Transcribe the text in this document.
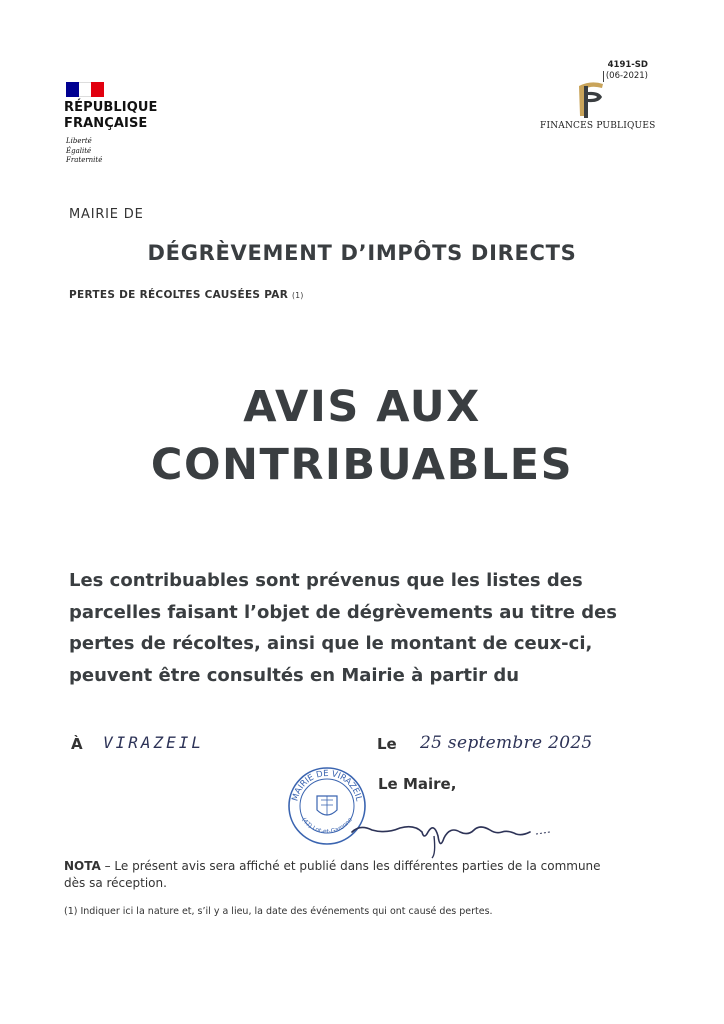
RÉPUBLIQUE FRANÇAISE
Liberté
Égalité
Fraternité
4191-SD
(06-2021)
FINANCES PUBLIQUES
MAIRIE DE
DÉGRÈVEMENT D’IMPÔTS DIRECTS
PERTES DE RÉCOLTES CAUSÉES PAR (1)
AVIS AUX
CONTRIBUABLES
Les contribuables sont prévenus que les listes des parcelles faisant l’objet de dégrèvements au titre des pertes de récoltes, ainsi que le montant de ceux-ci, peuvent être consultés en Mairie à partir du
À VIRAZEIL	Le 25 septembre 2025
Le Maire,
MAIRIE DE VIRAZEIL
(47) Lot-et-Garonne
NOTA – Le présent avis sera affiché et publié dans les différentes parties de la commune dès sa réception.
(1) Indiquer ici la nature et, s’il y a lieu, la date des événements qui ont causé des pertes.
